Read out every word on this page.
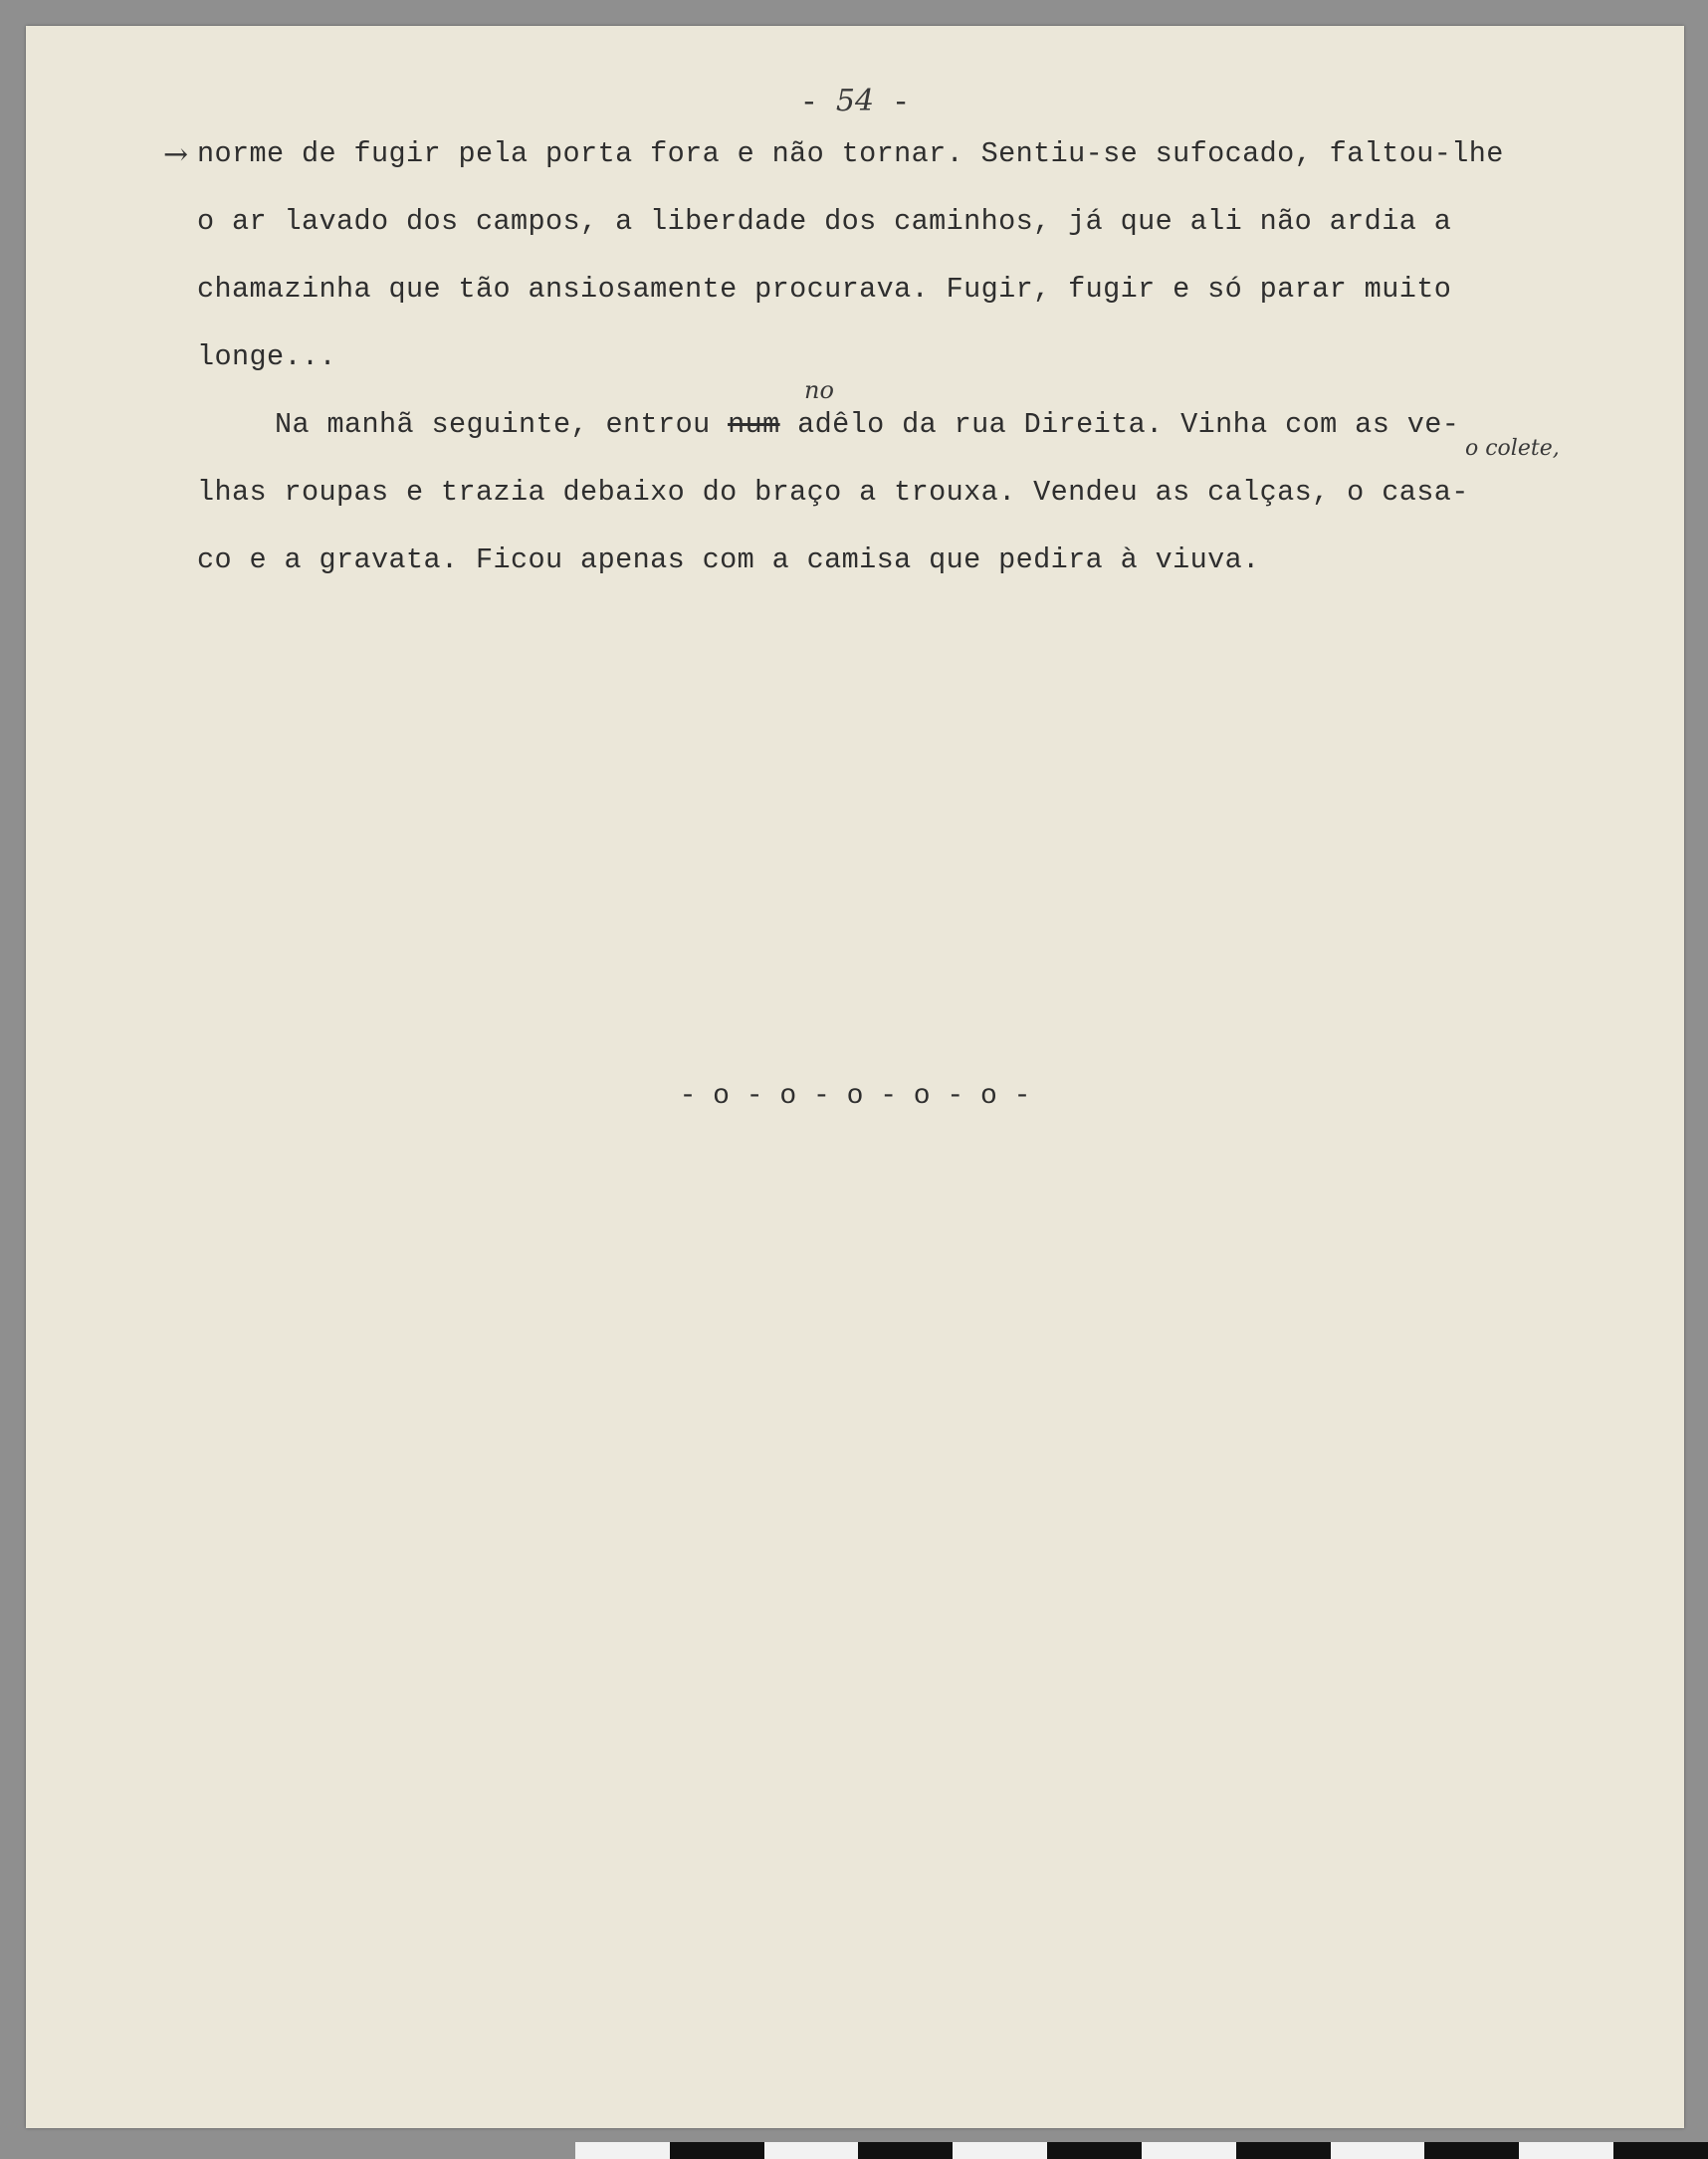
- 54 -
→ norme de fugir pela porta fora e não tornar. Sentiu-se sufocado, faltou-lhe
o ar lavado dos campos, a liberdade dos caminhos, já que ali não ardia a
chamazinha que tão ansiosamente procurava. Fugir, fugir e só parar muito
longe...
no
Na manhã seguinte, entrou num adêlo da rua Direita. Vinha com as ve-
o colete,
lhas roupas e trazia debaixo do braço a trouxa. Vendeu as calças, o casa-
co e a gravata. Ficou apenas com a camisa que pedira à viuva.
- o - o - o - o - o -
